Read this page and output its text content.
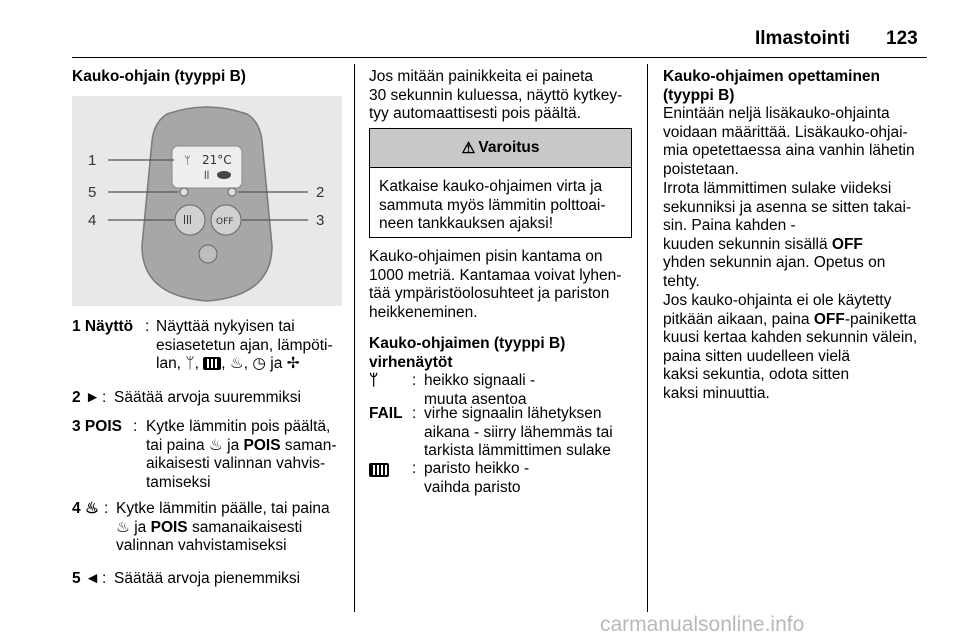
Ilmastointi 123
Kauko-ohjain (tyyppi B)
ᛘ 21°C
ꟾꟾ
ꟾꟾꟾ	OFF
1
5
4
2
3
1 Näyttö : Näyttää nykyisen tai
esiasetetun ajan, lämpöti-
lan, ᛘ, , ♨, ◷ ja ✢
2 ► : Säätää arvoja suuremmiksi
3 POIS : Kytke lämmitin pois päältä,
tai paina ♨ ja POIS saman-
aikaisesti valinnan vahvis-
tamiseksi
4 ♨ : Kytke lämmitin päälle, tai paina
♨ ja POIS samanaikaisesti
valinnan vahvistamiseksi
5 ◄ : Säätää arvoja pienemmiksi
Jos mitään painikkeita ei paineta
30 sekunnin kuluessa, näyttö kytkey-
tyy automaattisesti pois päältä.
⚠ Varoitus
Katkaise kauko-ohjaimen virta ja
sammuta myös lämmitin polttoai-
neen tankkauksen ajaksi!
Kauko-ohjaimen pisin kantama on
1000 metriä. Kantamaa voivat lyhen-
tää ympäristöolosuhteet ja pariston
heikkeneminen.
Kauko-ohjaimen (tyyppi B)
virhenäytöt
ᛘ : heikko signaali -
muuta asentoa
FAIL : virhe signaalin lähetyksen
aikana - siirry lähemmäs tai
tarkista lämmittimen sulake
: paristo heikko -
vaihda paristo
Kauko-ohjaimen opettaminen
(tyyppi B)
Enintään neljä lisäkauko-ohjainta
voidaan määrittää. Lisäkauko-ohjai-
mia opetettaessa aina vanhin lähetin
poistetaan.
Irrota lämmittimen sulake viideksi
sekunniksi ja asenna se sitten takai-
sin. Paina kahden -
kuuden sekunnin sisällä OFF
yhden sekunnin ajan. Opetus on
tehty.
Jos kauko-ohjainta ei ole käytetty
pitkään aikaan, paina OFF-painiketta
kuusi kertaa kahden sekunnin välein,
paina sitten uudelleen vielä
kaksi sekuntia, odota sitten
kaksi minuuttia.
carmanualsonline.info
